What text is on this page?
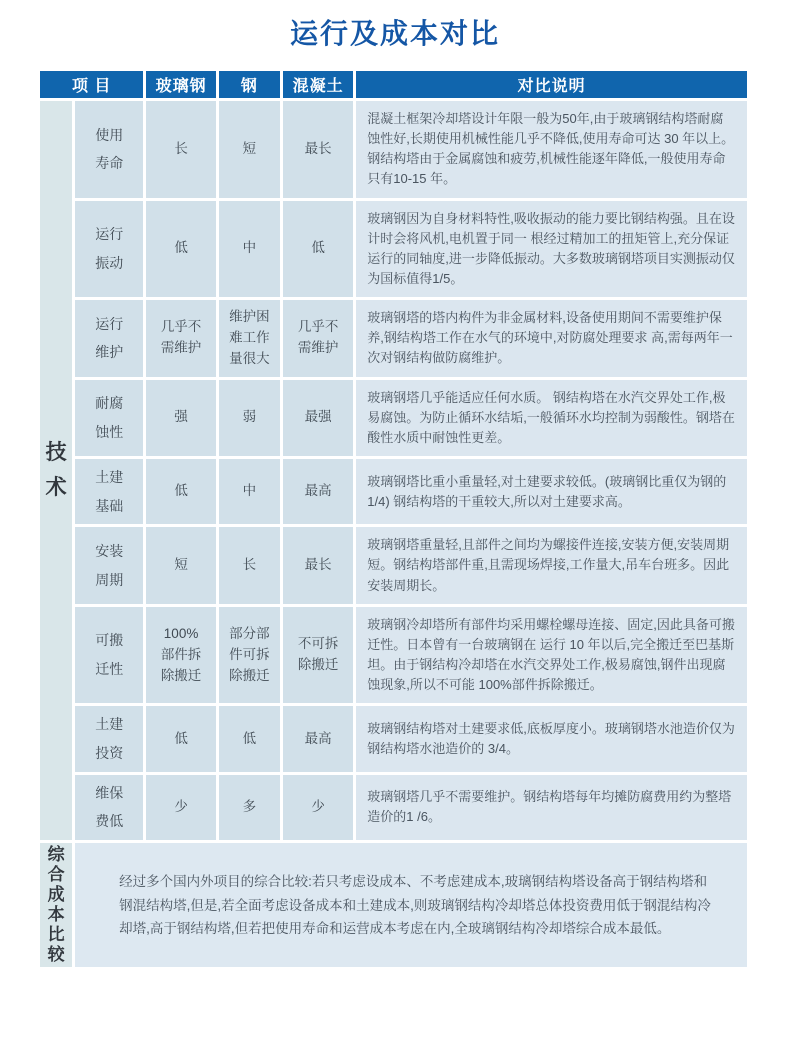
运行及成本对比
项 目		玻璃钢	钢	混凝土	对比说明
技术	使用寿命	长	短	最长	混凝土框架冷却塔设计年限一般为50年,由于玻璃钢结构塔耐腐蚀性好,长期使用机械性能几乎不降低,使用寿命可达 30 年以上。钢结构塔由于金属腐蚀和疲劳,机械性能逐年降低,一般使用寿命只有10-15 年。
	运行振动	低	中	低	玻璃钢因为自身材料特性,吸收振动的能力要比钢结构强。且在设计时会将风机,电机置于同一 根经过精加工的扭矩管上,充分保证运行的同轴度,进一步降低振动。大多数玻璃钢塔项目实测振动仅为国标值得1/5。
	运行维护	几乎不需维护	维护困难工作量很大	几乎不需维护	玻璃钢塔的塔内构件为非金属材料,设备使用期间不需要维护保养,钢结构塔工作在水气的环境中,对防腐处理要求 高,需每两年一次对钢结构做防腐维护。
	耐腐蚀性	强	弱	最强	玻璃钢塔几乎能适应任何水质。 钢结构塔在水汽交界处工作,极易腐蚀。为防止循环水结垢,一般循环水均控制为弱酸性。钢塔在酸性水质中耐蚀性更差。
	土建基础	低	中	最高	玻璃钢塔比重小重量轻,对土建要求较低。(玻璃钢比重仅为钢的 1/4) 钢结构塔的干重较大,所以对土建要求高。
	安装周期	短	长	最长	玻璃钢塔重量轻,且部件之间均为螺接件连接,安装方便,安装周期短。钢结构塔部件重,且需现场焊接,工作量大,吊车台班多。因此安装周期长。
	可搬迁性	100%部件拆除搬迁	部分部件可拆除搬迁	不可拆除搬迁	玻璃钢冷却塔所有部件均采用螺栓螺母连接、固定,因此具备可搬迁性。日本曾有一台玻璃钢在 运行 10 年以后,完全搬迁至巴基斯坦。由于钢结构冷却塔在水汽交界处工作,极易腐蚀,钢件出现腐蚀现象,所以不可能 100%部件拆除搬迁。
	土建投资	低	低	最高	玻璃钢结构塔对土建要求低,底板厚度小。玻璃钢塔水池造价仅为钢结构塔水池造价的 3/4。
	维保费低	少	多	少	玻璃钢塔几乎不需要维护。钢结构塔每年均摊防腐费用约为整塔造价的1 /6。
综合成本比较	经过多个国内外项目的综合比较:若只考虑设成本、不考虑建成本,玻璃钢结构塔设备高于钢结构塔和钢混结构塔,但是,若全面考虑设备成本和土建成本,则玻璃钢结构冷却塔总体投资费用低于钢混结构冷却塔,高于钢结构塔,但若把使用寿命和运营成本考虑在内,全玻璃钢结构冷却塔综合成本最低。				
